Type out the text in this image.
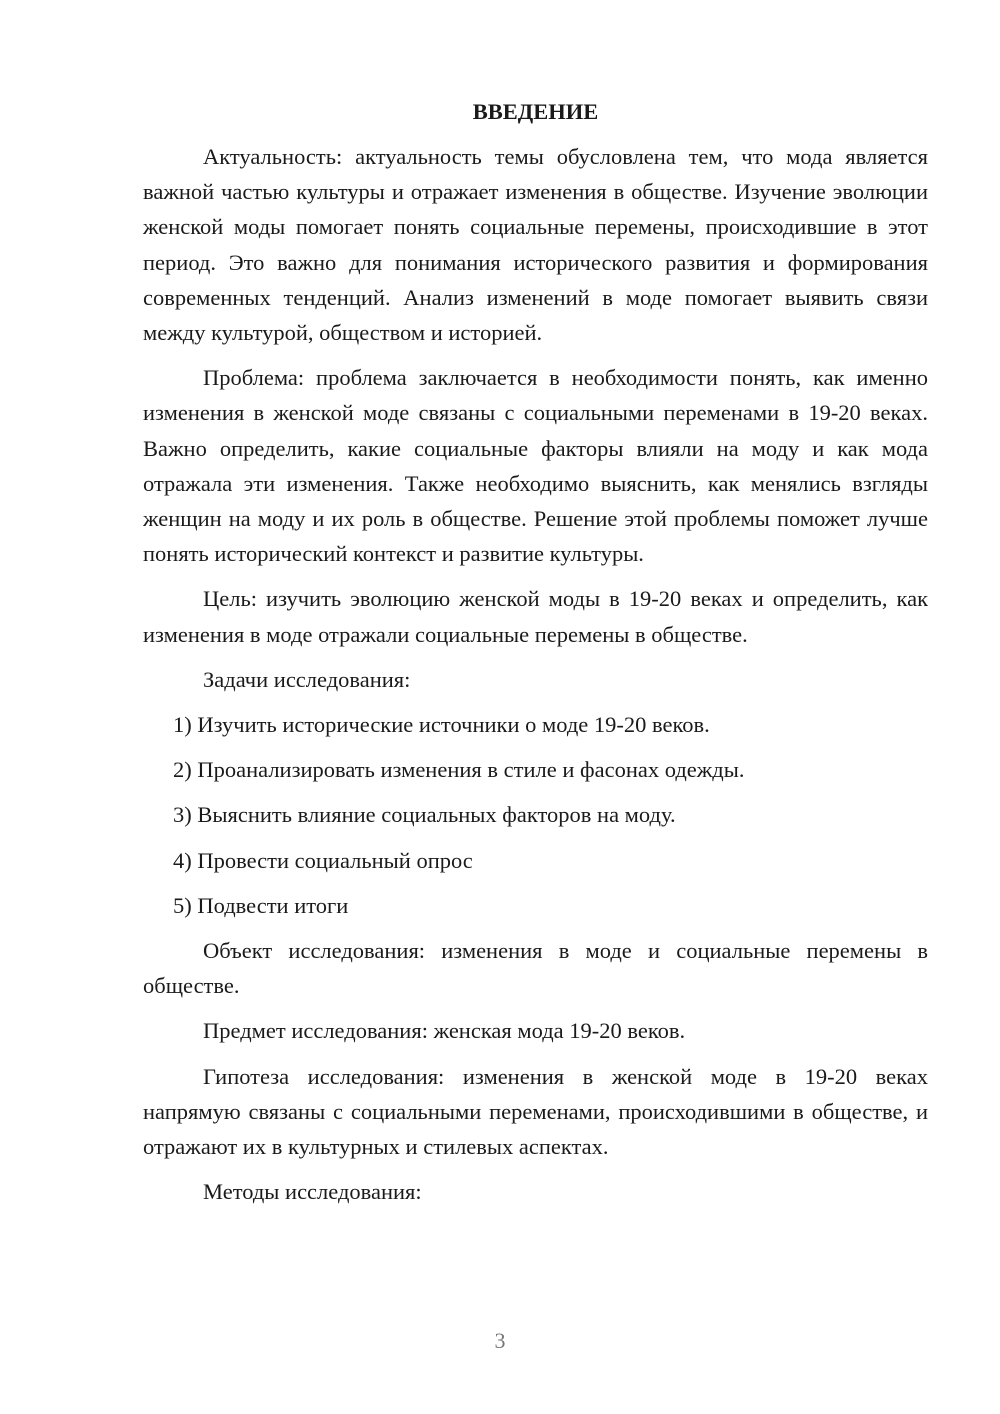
ВВЕДЕНИЕ

Актуальность: актуальность темы обусловлена тем, что мода является важной частью культуры и отражает изменения в обществе. Изучение эволюции женской моды помогает понять социальные перемены, происходившие в этот период. Это важно для понимания исторического развития и формирования современных тенденций. Анализ изменений в моде помогает выявить связи между культурой, обществом и историей.

Проблема: проблема заключается в необходимости понять, как именно изменения в женской моде связаны с социальными переменами в 19-20 веках. Важно определить, какие социальные факторы влияли на моду и как мода отражала эти изменения. Также необходимо выяснить, как менялись взгляды женщин на моду и их роль в обществе. Решение этой проблемы поможет лучше понять исторический контекст и развитие культуры.

Цель: изучить эволюцию женской моды в 19-20 веках и определить, как изменения в моде отражали социальные перемены в обществе.

Задачи исследования:

1) Изучить исторические источники о моде 19-20 веков.
2) Проанализировать изменения в стиле и фасонах одежды.
3) Выяснить влияние социальных факторов на моду.
4) Провести социальный опрос
5) Подвести итоги

Объект исследования: изменения в моде и социальные перемены в обществе.

Предмет исследования: женская мода 19-20 веков.

Гипотеза исследования: изменения в женской моде в 19-20 веках напрямую связаны с социальными переменами, происходившими в обществе, и отражают их в культурных и стилевых аспектах.

Методы исследования:

3
